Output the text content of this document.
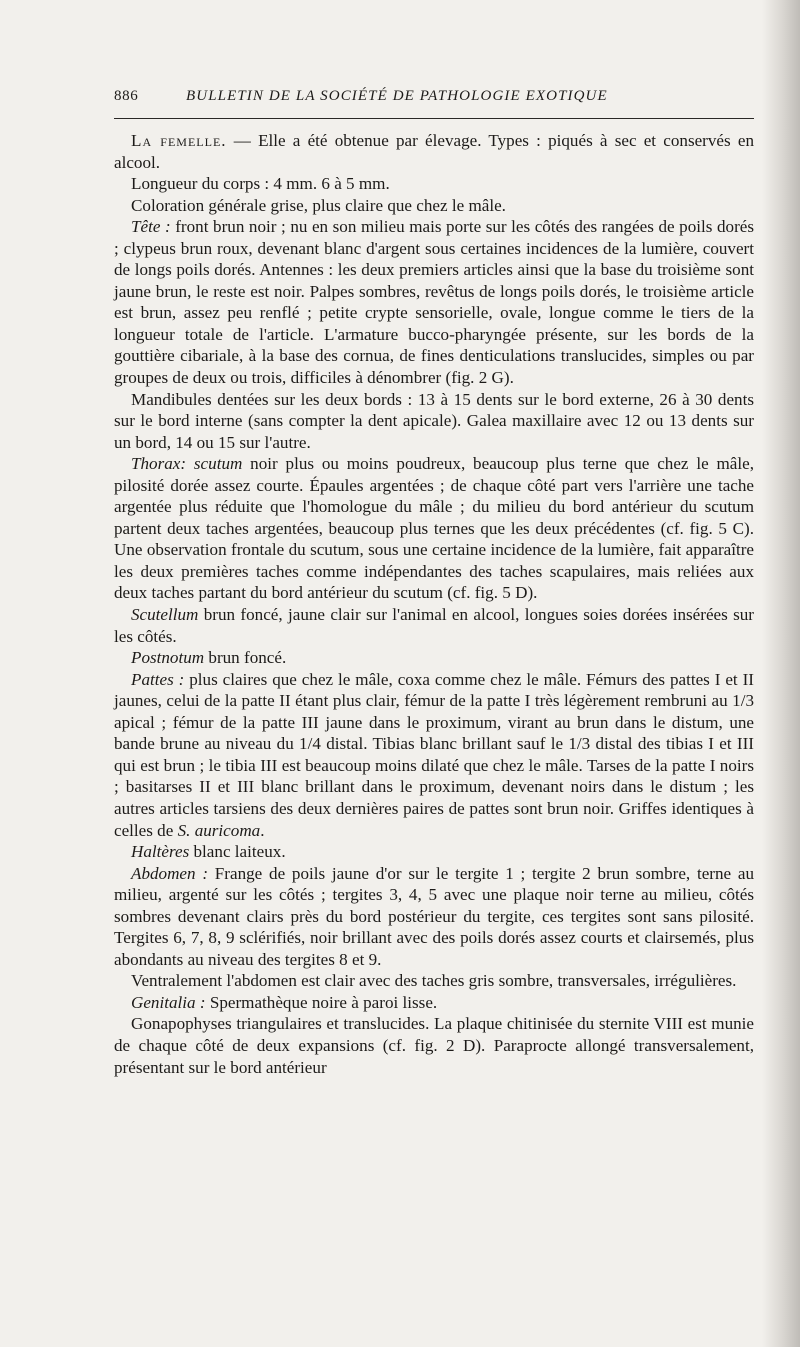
886	BULLETIN DE LA SOCIÉTÉ DE PATHOLOGIE EXOTIQUE

La femelle. — Elle a été obtenue par élevage. Types : piqués à sec et conservés en alcool.

Longueur du corps : 4 mm. 6 à 5 mm.

Coloration générale grise, plus claire que chez le mâle.

Tête : front brun noir ; nu en son milieu mais porte sur les côtés des rangées de poils dorés ; clypeus brun roux, devenant blanc d'argent sous certaines incidences de la lumière, couvert de longs poils dorés. Antennes : les deux premiers articles ainsi que la base du troisième sont jaune brun, le reste est noir. Palpes sombres, revêtus de longs poils dorés, le troisième article est brun, assez peu renflé ; petite crypte sensorielle, ovale, longue comme le tiers de la longueur totale de l'article. L'armature bucco-pharyngée présente, sur les bords de la gouttière cibariale, à la base des cornua, de fines denticulations translucides, simples ou par groupes de deux ou trois, difficiles à dénombrer (fig. 2 G).

Mandibules dentées sur les deux bords : 13 à 15 dents sur le bord externe, 26 à 30 dents sur le bord interne (sans compter la dent apicale). Galea maxillaire avec 12 ou 13 dents sur un bord, 14 ou 15 sur l'autre.

Thorax: scutum noir plus ou moins poudreux, beaucoup plus terne que chez le mâle, pilosité dorée assez courte. Épaules argentées ; de chaque côté part vers l'arrière une tache argentée plus réduite que l'homologue du mâle ; du milieu du bord antérieur du scutum partent deux taches argentées, beaucoup plus ternes que les deux précédentes (cf. fig. 5 C). Une observation frontale du scutum, sous une certaine incidence de la lumière, fait apparaître les deux premières taches comme indépendantes des taches scapulaires, mais reliées aux deux taches partant du bord antérieur du scutum (cf. fig. 5 D).

Scutellum brun foncé, jaune clair sur l'animal en alcool, longues soies dorées insérées sur les côtés.

Postnotum brun foncé.

Pattes : plus claires que chez le mâle, coxa comme chez le mâle. Fémurs des pattes I et II jaunes, celui de la patte II étant plus clair, fémur de la patte I très légèrement rembruni au 1/3 apical ; fémur de la patte III jaune dans le proximum, virant au brun dans le distum, une bande brune au niveau du 1/4 distal. Tibias blanc brillant sauf le 1/3 distal des tibias I et III qui est brun ; le tibia III est beaucoup moins dilaté que chez le mâle. Tarses de la patte I noirs ; basitarses II et III blanc brillant dans le proximum, devenant noirs dans le distum ; les autres articles tarsiens des deux dernières paires de pattes sont brun noir. Griffes identiques à celles de S. auricoma.

Haltères blanc laiteux.

Abdomen : Frange de poils jaune d'or sur le tergite 1 ; tergite 2 brun sombre, terne au milieu, argenté sur les côtés ; tergites 3, 4, 5 avec une plaque noir terne au milieu, côtés sombres devenant clairs près du bord postérieur du tergite, ces tergites sont sans pilosité. Tergites 6, 7, 8, 9 sclérifiés, noir brillant avec des poils dorés assez courts et clairsemés, plus abondants au niveau des tergites 8 et 9.

Ventralement l'abdomen est clair avec des taches gris sombre, transversales, irrégulières.

Genitalia : Spermathèque noire à paroi lisse.

Gonapophyses triangulaires et translucides. La plaque chitinisée du sternite VIII est munie de chaque côté de deux expansions (cf. fig. 2 D). Paraprocte allongé transversalement, présentant sur le bord antérieur
